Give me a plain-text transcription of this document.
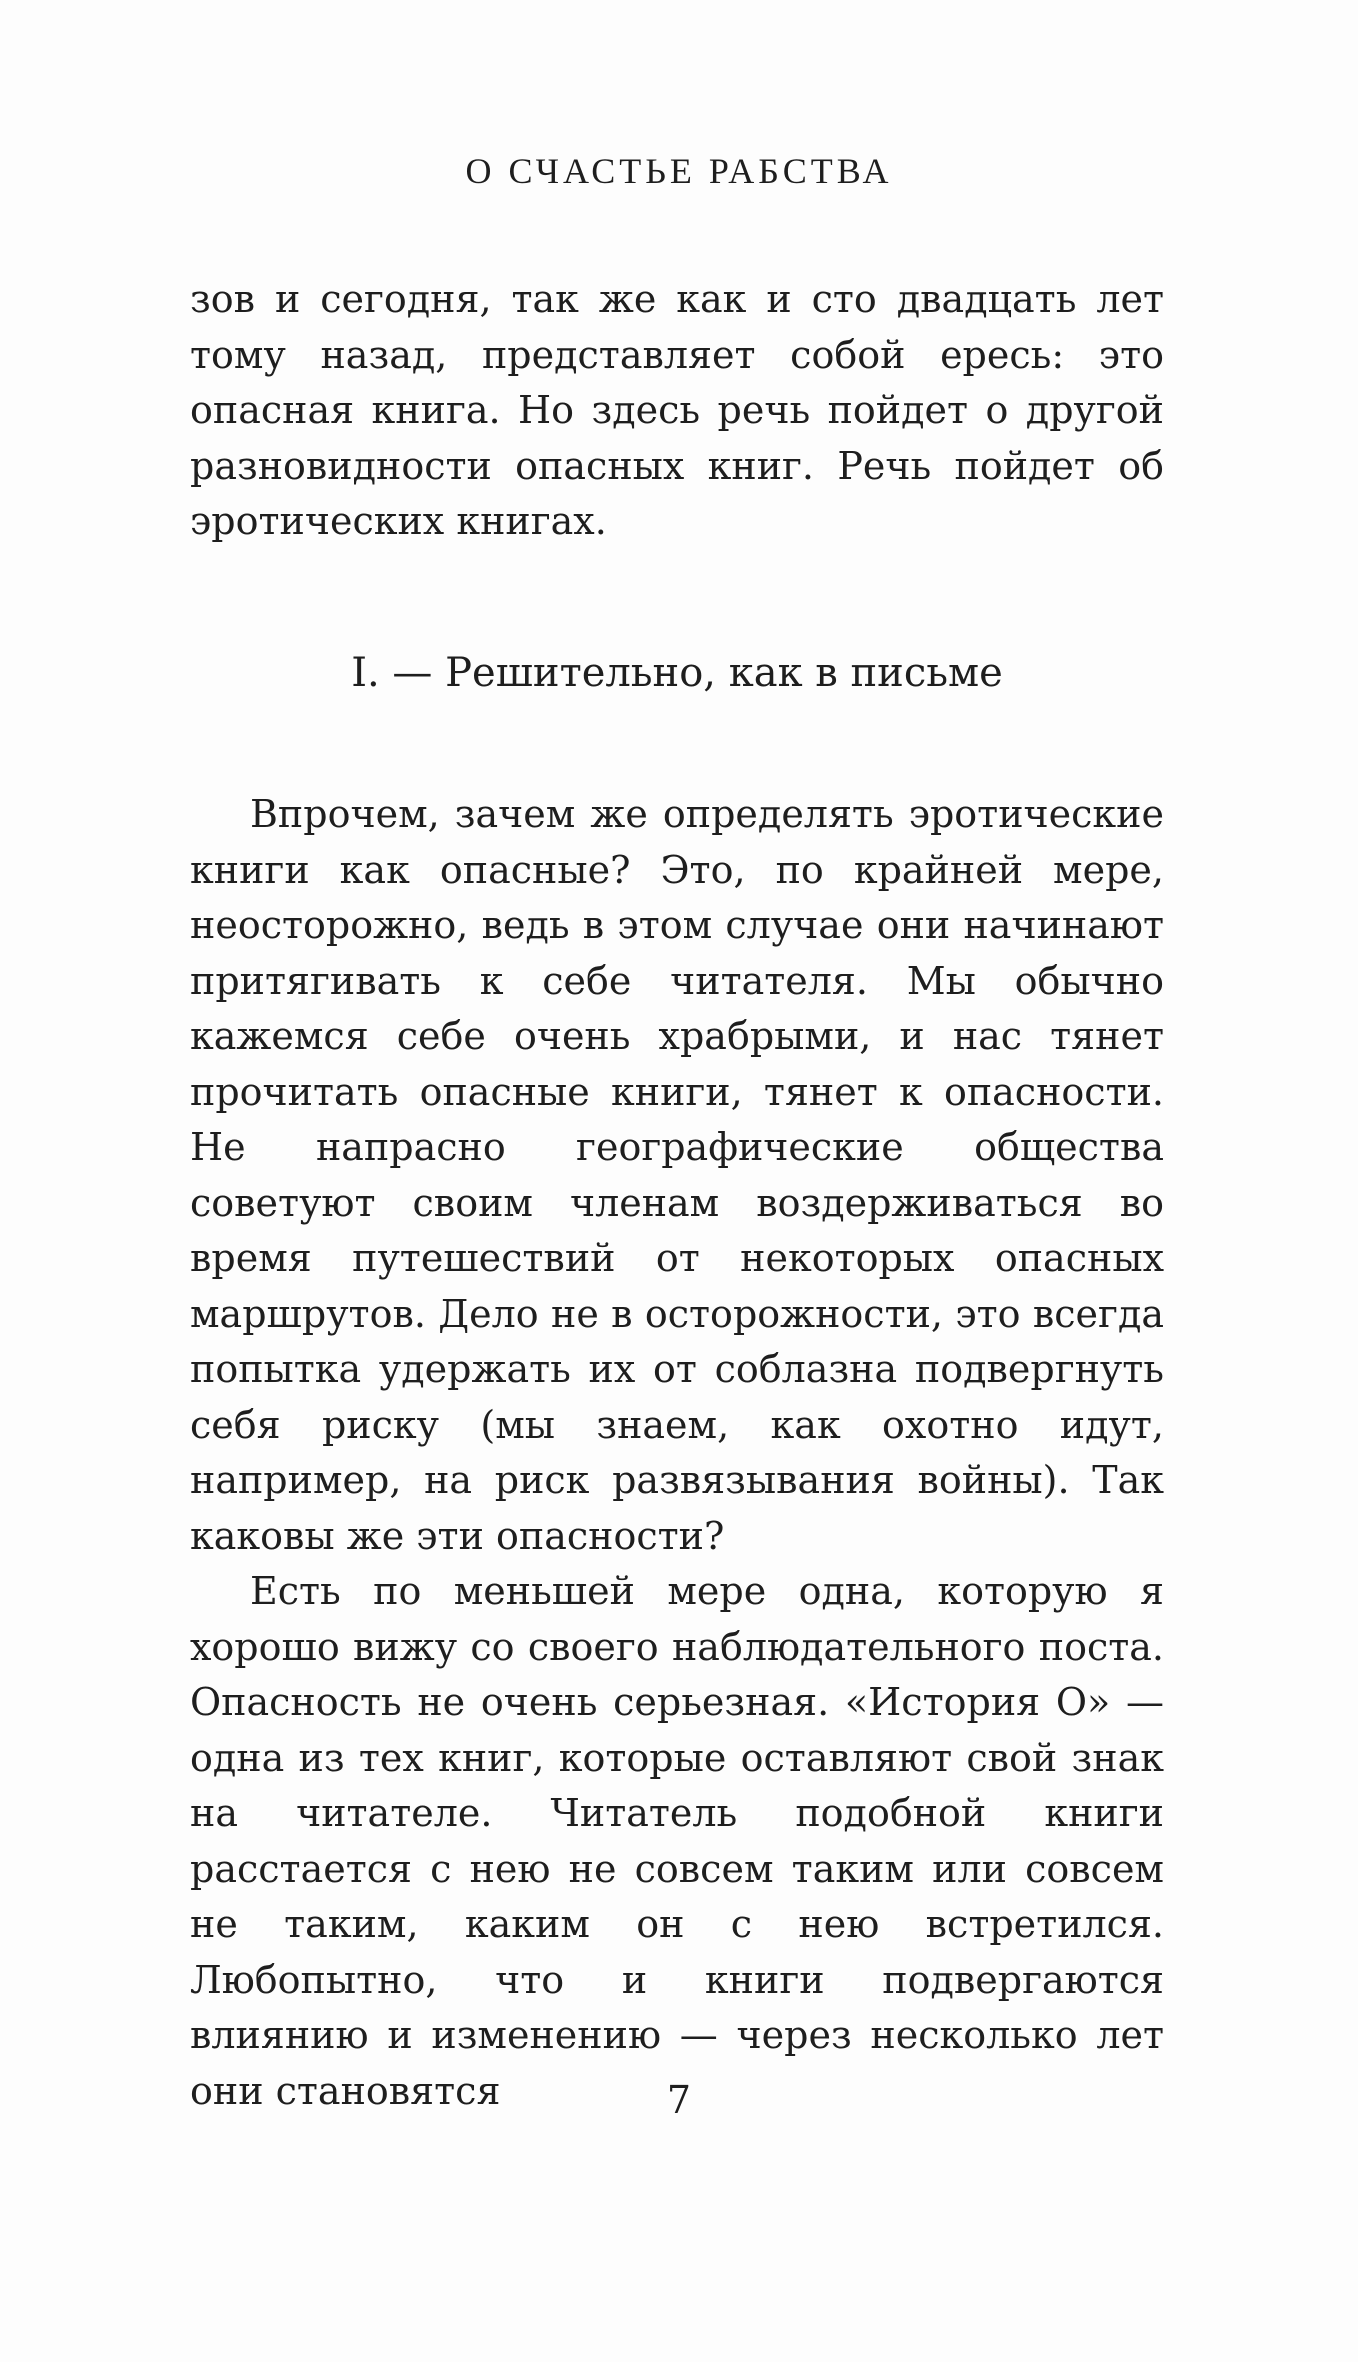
О СЧАСТЬЕ РАБСТВА

зов и сегодня, так же как и сто двадцать лет тому назад, представляет собой ересь: это опасная книга. Но здесь речь пойдет о другой разновидности опасных книг. Речь пойдет об эротических книгах.

I. — Решительно, как в письме

Впрочем, зачем же определять эротические книги как опасные? Это, по крайней мере, неосторожно, ведь в этом случае они начинают притягивать к себе читателя. Мы обычно кажемся себе очень храбрыми, и нас тянет прочитать опасные книги, тянет к опасности. Не напрасно географические общества советуют своим членам воздерживаться во время путешествий от некоторых опасных маршрутов. Дело не в осторожности, это всегда попытка удержать их от соблазна подвергнуть себя риску (мы знаем, как охотно идут, например, на риск развязывания войны). Так каковы же эти опасности?

Есть по меньшей мере одна, которую я хорошо вижу со своего наблюдательного поста. Опасность не очень серьезная. «История О» — одна из тех книг, которые оставляют свой знак на читателе. Читатель подобной книги расстается с нею не совсем таким или совсем не таким, каким он с нею встретился. Любопытно, что и книги подвергаются влиянию и изменению — через несколько лет они становятся	7
